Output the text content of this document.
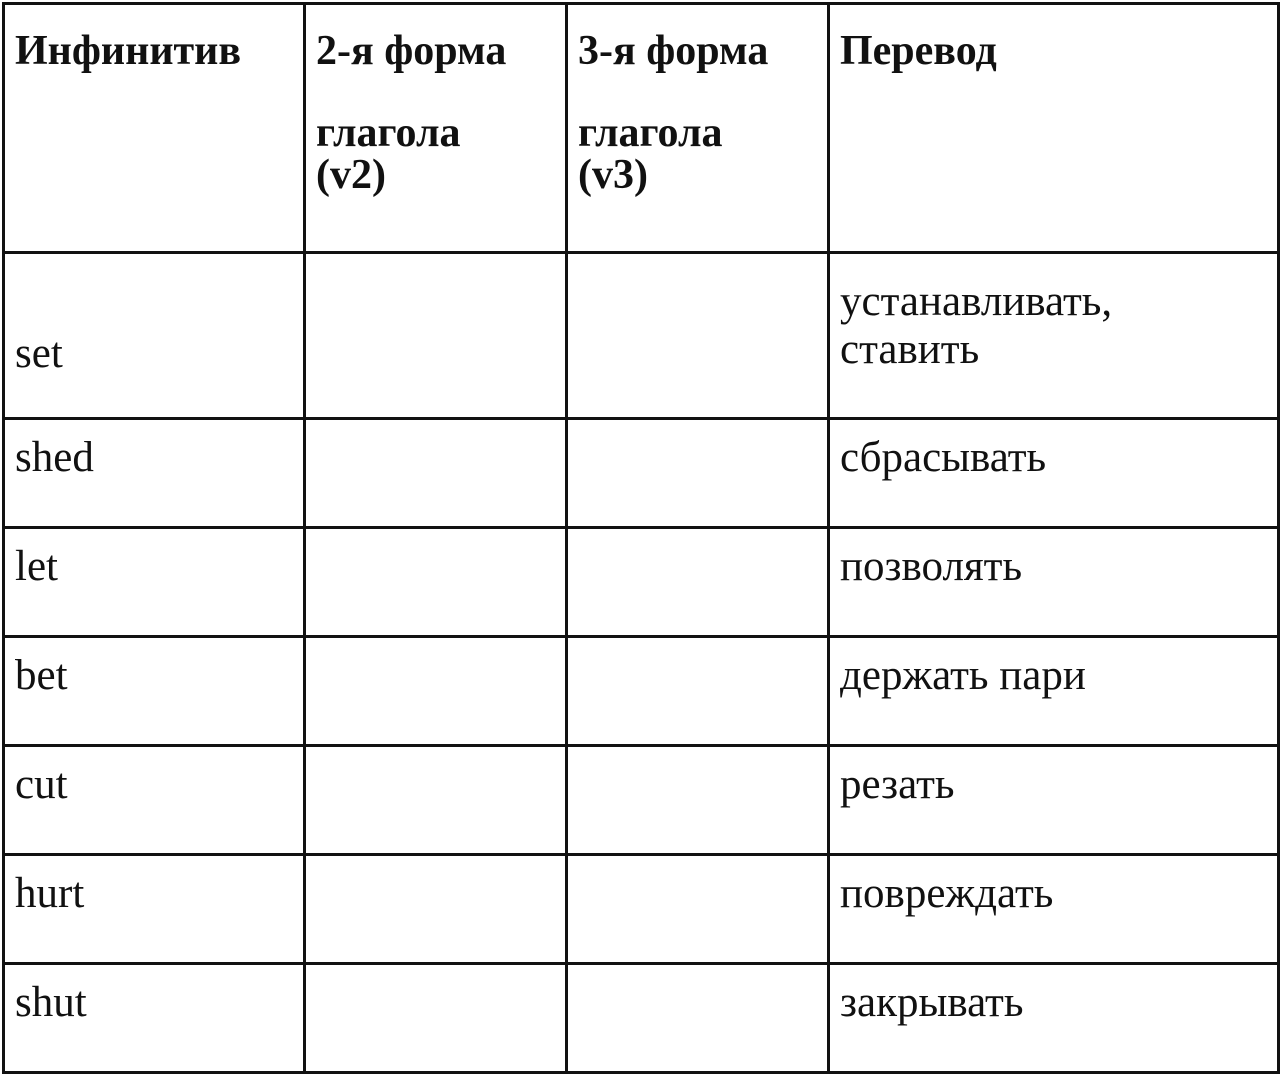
Инфинитив	2-я форма
глагола
(v2)	3-я форма
глагола
(v3)	Перевод

set			устанавливать,
ставить

shed			сбрасывать

let			позволять

bet			держать пари

cut			резать

hurt			повреждать

shut			закрывать
